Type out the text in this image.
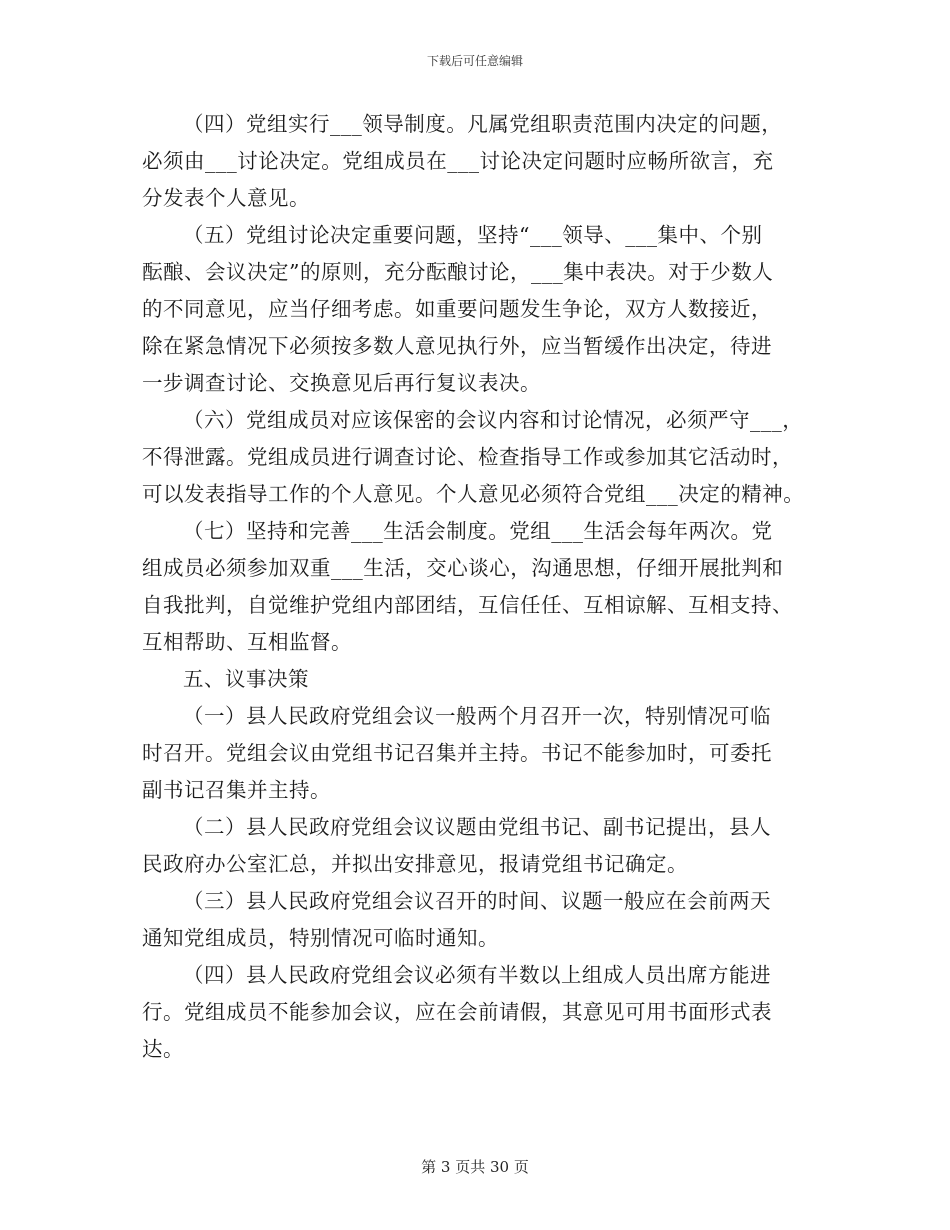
下载后可任意编辑
（四）党组实行___领导制度。凡属党组职责范围内决定的问题，
必须由___讨论决定。党组成员在___讨论决定问题时应畅所欲言，充
分发表个人意见。
（五）党组讨论决定重要问题，坚持“___领导、___集中、个别
酝酿、会议决定”的原则，充分酝酿讨论，___集中表决。对于少数人
的不同意见，应当仔细考虑。如重要问题发生争论，双方人数接近，
除在紧急情况下必须按多数人意见执行外，应当暂缓作出决定，待进
一步调查讨论、交换意见后再行复议表决。
（六）党组成员对应该保密的会议内容和讨论情况，必须严守___，
不得泄露。党组成员进行调查讨论、检查指导工作或参加其它活动时，
可以发表指导工作的个人意见。个人意见必须符合党组___决定的精神。
（七）坚持和完善___生活会制度。党组___生活会每年两次。党
组成员必须参加双重___生活，交心谈心，沟通思想，仔细开展批判和
自我批判，自觉维护党组内部团结，互信任任、互相谅解、互相支持、
互相帮助、互相监督。
五、议事决策
（一）县人民政府党组会议一般两个月召开一次，特别情况可临
时召开。党组会议由党组书记召集并主持。书记不能参加时，可委托
副书记召集并主持。
（二）县人民政府党组会议议题由党组书记、副书记提出，县人
民政府办公室汇总，并拟出安排意见，报请党组书记确定。
（三）县人民政府党组会议召开的时间、议题一般应在会前两天
通知党组成员，特别情况可临时通知。
（四）县人民政府党组会议必须有半数以上组成人员出席方能进
行。党组成员不能参加会议，应在会前请假，其意见可用书面形式表
达。
第 3 页共 30 页
